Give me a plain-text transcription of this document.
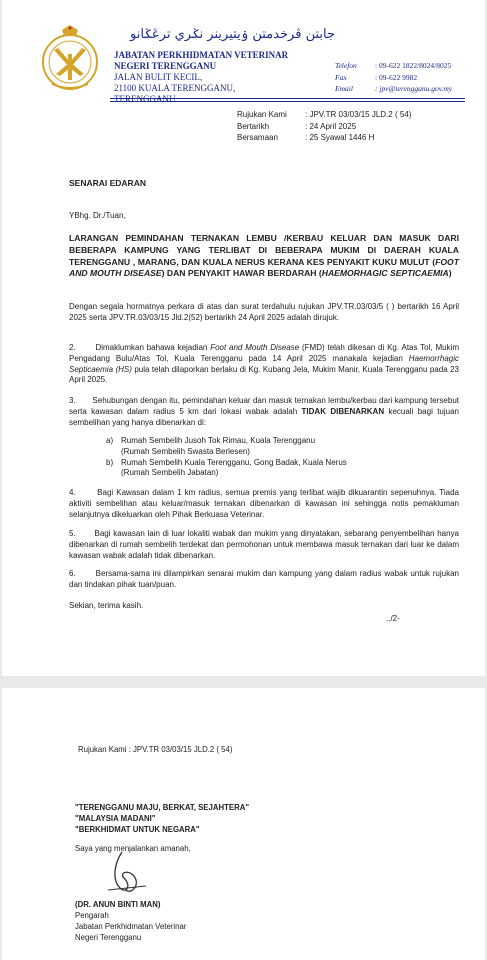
جابتن ڤرخدمتن ۏيتيرينر نݢري ترڠݢانو
JABATAN PERKHIDMATAN VETERINAR
NEGERI TERENGGANU
JALAN BULIT KECIL,
21100 KUALA TERENGGANU,
TERENGGANU
Telefon : 09-622 1822/8024/8025
Fax	: 09-622 9982
Email	: jpv@terengganu.gov.my
Rujukan Kami : JPV.TR 03/03/15 JLD.2 ( 54)
Bertarikh	: 24 April 2025
Bersamaan	: 25 Syawal 1446 H
SENARAI EDARAN
YBhg. Dr./Tuan,
LARANGAN PEMINDAHAN TERNAKAN LEMBU /KERBAU KELUAR DAN MASUK DARI BEBERAPA KAMPUNG YANG TERLIBAT DI BEBERAPA MUKIM DI DAERAH KUALA TERENGGANU , MARANG, DAN KUALA NERUS KERANA KES PENYAKIT KUKU MULUT (FOOT AND MOUTH DISEASE) DAN PENYAKIT HAWAR BERDARAH (HAEMORHAGIC SEPTICAEMIA)
Dengan segala hormatnya perkara di atas dan surat terdahulu rujukan JPV.TR.03/03/5 ( ) bertarikh 16 April 2025 serta JPV.TR.03/03/15 Jld.2(52) bertarikh 24 April 2025 adalah dirujuk.
2. Dimaklumkan bahawa kejadian Foot and Mouth Disease (FMD) telah dikesan di Kg. Atas Tol, Mukim Pengadang Bulu/Atas Tol, Kuala Terengganu pada 14 April 2025 manakala kejadian Haemorrhagic Septicaemia (HS) pula telah dilaporkan berlaku di Kg. Kubang Jela, Mukim Manir, Kuala Terengganu pada 23 April 2025.
3. Sehubungan dengan itu, pemindahan keluar dan masuk ternakan lembu/kerbau dari kampung tersebut serta kawasan dalam radius 5 km dari lokasi wabak adalah TIDAK DIBENARKAN kecuali bagi tujuan sembelihan yang hanya dibenarkan di:
a) Rumah Sembelih Jusoh Tok Rimau, Kuala Terengganu
(Rumah Sembelih Swasta Berlesen)
b) Rumah Sembelih Kuala Terengganu, Gong Badak, Kuala Nerus
(Rumah Sembelih Jabatan)
4.	Bagi Kawasan dalam 1 km radius, semua premis yang terlibat wajib dikuarantin sepenuhnya. Tiada aktiviti sembelihan atau keluar/masuk ternakan dibenarkan di kawasan ini sehingga notis pemakluman selanjutnya dikeluarkan oleh Pihak Berkuasa Veterinar.
5. Bagi kawasan lain di luar lokaliti wabak dan mukim yang dinyatakan, sebarang penyembelihan hanya dibenarkan di rumah sembelih terdekat dan permohonan untuk membawa masuk ternakan dari luar ke dalam kawasan wabak adalah tidak dibenarkan.
6.	Bersama-sama ini dilampirkan senarai mukim dan kampung yang dalam radius wabak untuk rujukan dan tindakan pihak tuan/puan.
Sekian, terima kasih.
../2-
Rujukan Kami : JPV.TR 03/03/15 JLD.2 ( 54)
"TERENGGANU MAJU, BERKAT, SEJAHTERA"
"MALAYSIA MADANI"
"BERKHIDMAT UNTUK NEGARA"
Saya yang menjalankan amanah,
(DR. ANUN BINTI MAN)
Pengarah
Jabatan Perkhidmatan Veterinar
Negeri Terengganu
